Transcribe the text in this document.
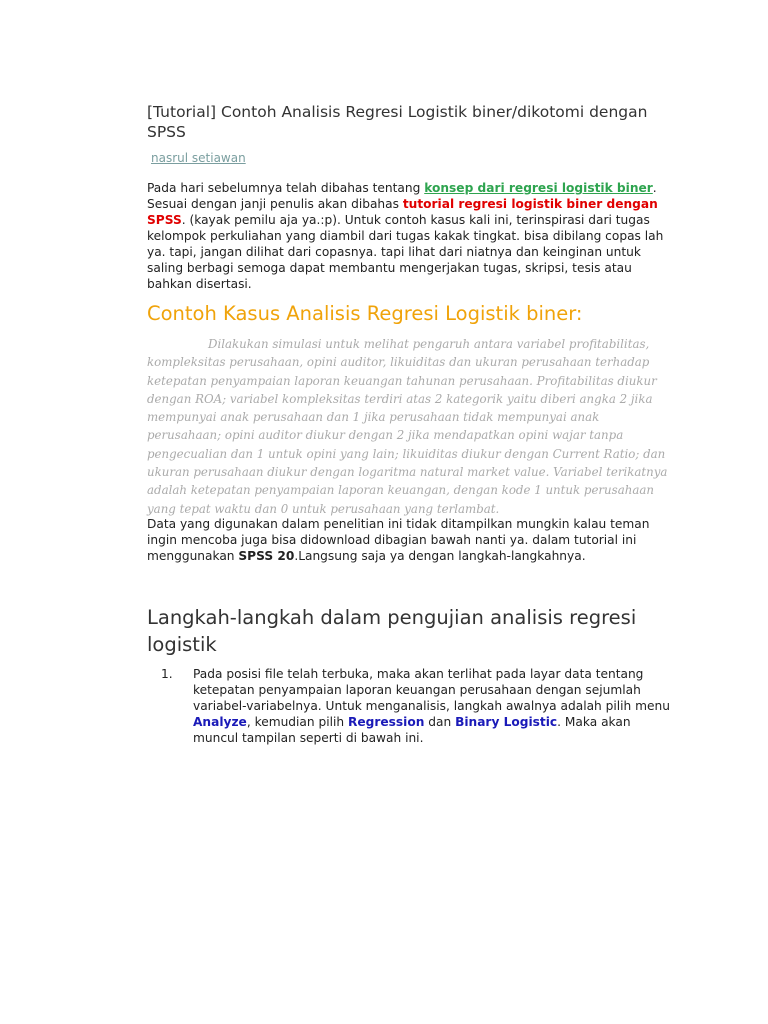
[Tutorial] Contoh Analisis Regresi Logistik biner/dikotomi dengan SPSS
nasrul setiawan

Pada hari sebelumnya telah dibahas tentang konsep dari regresi logistik biner. Sesuai dengan janji penulis akan dibahas tutorial regresi logistik biner dengan SPSS. (kayak pemilu aja ya.:p). Untuk contoh kasus kali ini, terinspirasi dari tugas kelompok perkuliahan yang diambil dari tugas kakak tingkat. bisa dibilang copas lah ya. tapi, jangan dilihat dari copasnya. tapi lihat dari niatnya dan keinginan untuk saling berbagi semoga dapat membantu mengerjakan tugas, skripsi, tesis atau bahkan disertasi.

Contoh Kasus Analisis Regresi Logistik biner:

Dilakukan simulasi untuk melihat pengaruh antara variabel profitabilitas, kompleksitas perusahaan, opini auditor, likuiditas dan ukuran perusahaan terhadap ketepatan penyampaian laporan keuangan tahunan perusahaan. Profitabilitas diukur dengan ROA; variabel kompleksitas terdiri atas 2 kategorik yaitu diberi angka 2 jika mempunyai anak perusahaan dan 1 jika perusahaan tidak mempunyai anak perusahaan; opini auditor diukur dengan 2 jika mendapatkan opini wajar tanpa pengecualian dan 1 untuk opini yang lain; likuiditas diukur dengan Current Ratio; dan ukuran perusahaan diukur dengan logaritma natural market value. Variabel terikatnya adalah ketepatan penyampaian laporan keuangan, dengan kode 1 untuk perusahaan yang tepat waktu dan 0 untuk perusahaan yang terlambat.

Data yang digunakan dalam penelitian ini tidak ditampilkan mungkin kalau teman ingin mencoba juga bisa didownload dibagian bawah nanti ya. dalam tutorial ini menggunakan SPSS 20.Langsung saja ya dengan langkah-langkahnya.

Langkah-langkah dalam pengujian analisis regresi logistik
1. Pada posisi file telah terbuka, maka akan terlihat pada layar data tentang ketepatan penyampaian laporan keuangan perusahaan dengan sejumlah variabel-variabelnya. Untuk menganalisis, langkah awalnya adalah pilih menu Analyze, kemudian pilih Regression dan Binary Logistic. Maka akan muncul tampilan seperti di bawah ini.
